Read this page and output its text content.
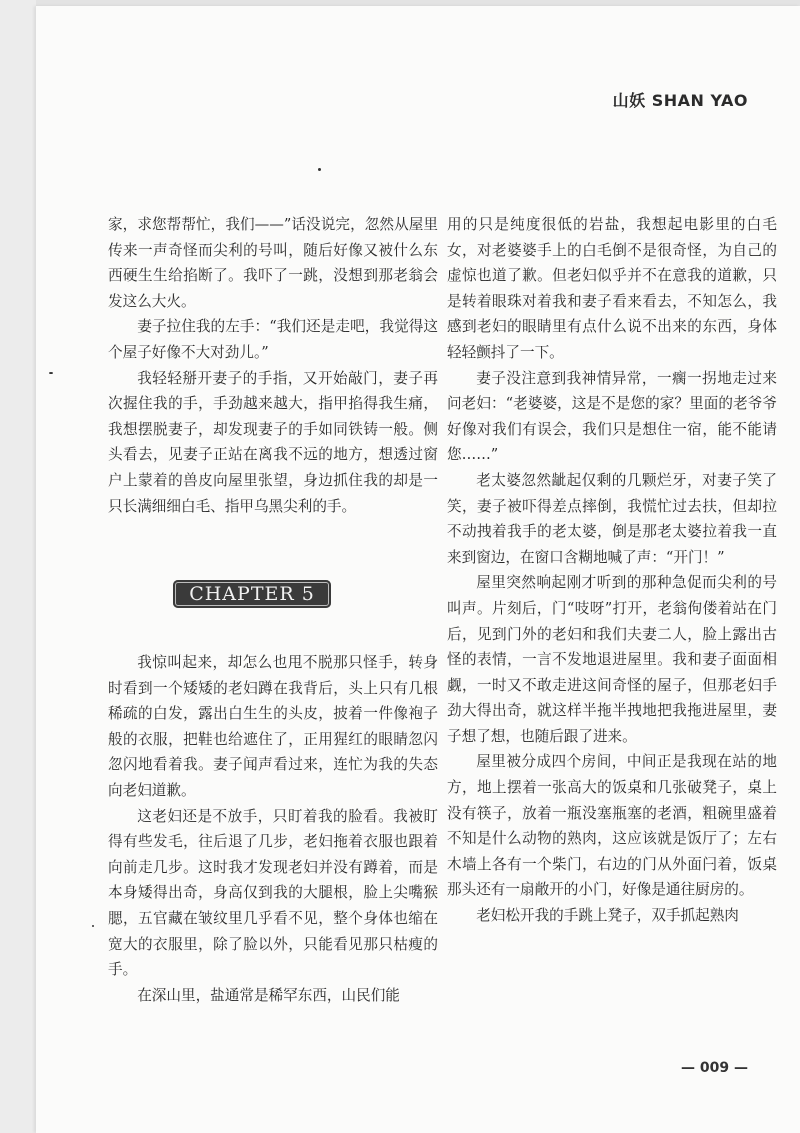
山妖 SHAN YAO

家，求您帮帮忙，我们——”话没说完，忽然从屋里传来一声奇怪而尖利的号叫，随后好像又被什么东西硬生生给掐断了。我吓了一跳，没想到那老翁会发这么大火。

妻子拉住我的左手：“我们还是走吧，我觉得这个屋子好像不大对劲儿。”

我轻轻掰开妻子的手指，又开始敲门，妻子再次握住我的手，手劲越来越大，指甲掐得我生痛，我想摆脱妻子，却发现妻子的手如同铁铸一般。侧头看去，见妻子正站在离我不远的地方，想透过窗户上蒙着的兽皮向屋里张望，身边抓住我的却是一只长满细细白毛、指甲乌黑尖利的手。

CHAPTER 5

我惊叫起来，却怎么也甩不脱那只怪手，转身时看到一个矮矮的老妇蹲在我背后，头上只有几根稀疏的白发，露出白生生的头皮，披着一件像袍子般的衣服，把鞋也给遮住了，正用猩红的眼睛忽闪忽闪地看着我。妻子闻声看过来，连忙为我的失态向老妇道歉。

这老妇还是不放手，只盯着我的脸看。我被盯得有些发毛，往后退了几步，老妇拖着衣服也跟着向前走几步。这时我才发现老妇并没有蹲着，而是本身矮得出奇，身高仅到我的大腿根，脸上尖嘴猴腮，五官藏在皱纹里几乎看不见，整个身体也缩在宽大的衣服里，除了脸以外，只能看见那只枯瘦的手。

在深山里，盐通常是稀罕东西，山民们能

用的只是纯度很低的岩盐，我想起电影里的白毛女，对老婆婆手上的白毛倒不是很奇怪，为自己的虚惊也道了歉。但老妇似乎并不在意我的道歉，只是转着眼珠对着我和妻子看来看去，不知怎么，我感到老妇的眼睛里有点什么说不出来的东西，身体轻轻颤抖了一下。

妻子没注意到我神情异常，一瘸一拐地走过来问老妇：“老婆婆，这是不是您的家？里面的老爷爷好像对我们有误会，我们只是想住一宿，能不能请您……”

老太婆忽然龇起仅剩的几颗烂牙，对妻子笑了笑，妻子被吓得差点摔倒，我慌忙过去扶，但却拉不动拽着我手的老太婆，倒是那老太婆拉着我一直来到窗边，在窗口含糊地喊了声：“开门！”

屋里突然响起刚才听到的那种急促而尖利的号叫声。片刻后，门“吱呀”打开，老翁佝偻着站在门后，见到门外的老妇和我们夫妻二人，脸上露出古怪的表情，一言不发地退进屋里。我和妻子面面相觑，一时又不敢走进这间奇怪的屋子，但那老妇手劲大得出奇，就这样半拖半拽地把我拖进屋里，妻子想了想，也随后跟了进来。

屋里被分成四个房间，中间正是我现在站的地方，地上摆着一张高大的饭桌和几张破凳子，桌上没有筷子，放着一瓶没塞瓶塞的老酒，粗碗里盛着不知是什么动物的熟肉，这应该就是饭厅了；左右木墙上各有一个柴门，右边的门从外面闩着，饭桌那头还有一扇敞开的小门，好像是通往厨房的。

老妇松开我的手跳上凳子，双手抓起熟肉

— 009 —
